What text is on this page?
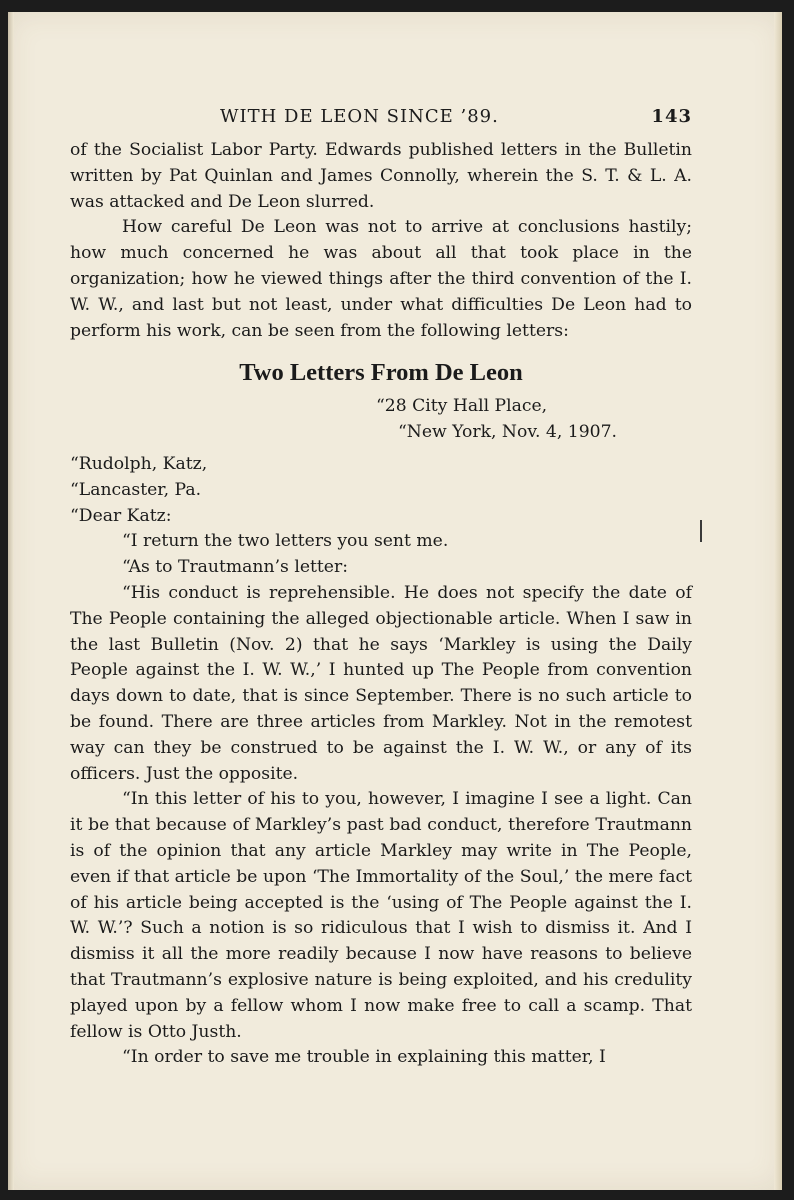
WITH DE LEON SINCE ’89.	143

of the Socialist Labor Party. Edwards published letters in the Bulletin written by Pat Quinlan and James Connolly, wherein the S. T. & L. A. was attacked and De Leon slurred.

How careful De Leon was not to arrive at conclusions hastily; how much concerned he was about all that took place in the organization; how he viewed things after the third convention of the I. W. W., and last but not least, under what difficulties De Leon had to perform his work, can be seen from the following letters:

Two Letters From De Leon
“28 City Hall Place,
“New York, Nov. 4, 1907.
“Rudolph, Katz,
“Lancaster, Pa.
“Dear Katz:

“I return the two letters you sent me.

“As to Trautmann’s letter:

“His conduct is reprehensible. He does not specify the date of The People containing the alleged objectionable article. When I saw in the last Bulletin (Nov. 2) that he says ‘Markley is using the Daily People against the I. W. W.,’ I hunted up The People from convention days down to date, that is since September. There is no such article to be found. There are three articles from Markley. Not in the remotest way can they be construed to be against the I. W. W., or any of its officers. Just the opposite.

“In this letter of his to you, however, I imagine I see a light. Can it be that because of Markley’s past bad conduct, therefore Trautmann is of the opinion that any article Markley may write in The People, even if that article be upon ‘The Immortality of the Soul,’ the mere fact of his article being accepted is the ‘using of The People against the I. W. W.’? Such a notion is so ridiculous that I wish to dismiss it. And I dismiss it all the more readily because I now have reasons to believe that Trautmann’s explosive nature is being exploited, and his credulity played upon by a fellow whom I now make free to call a scamp. That fellow is Otto Justh.

“In order to save me trouble in explaining this matter, I
